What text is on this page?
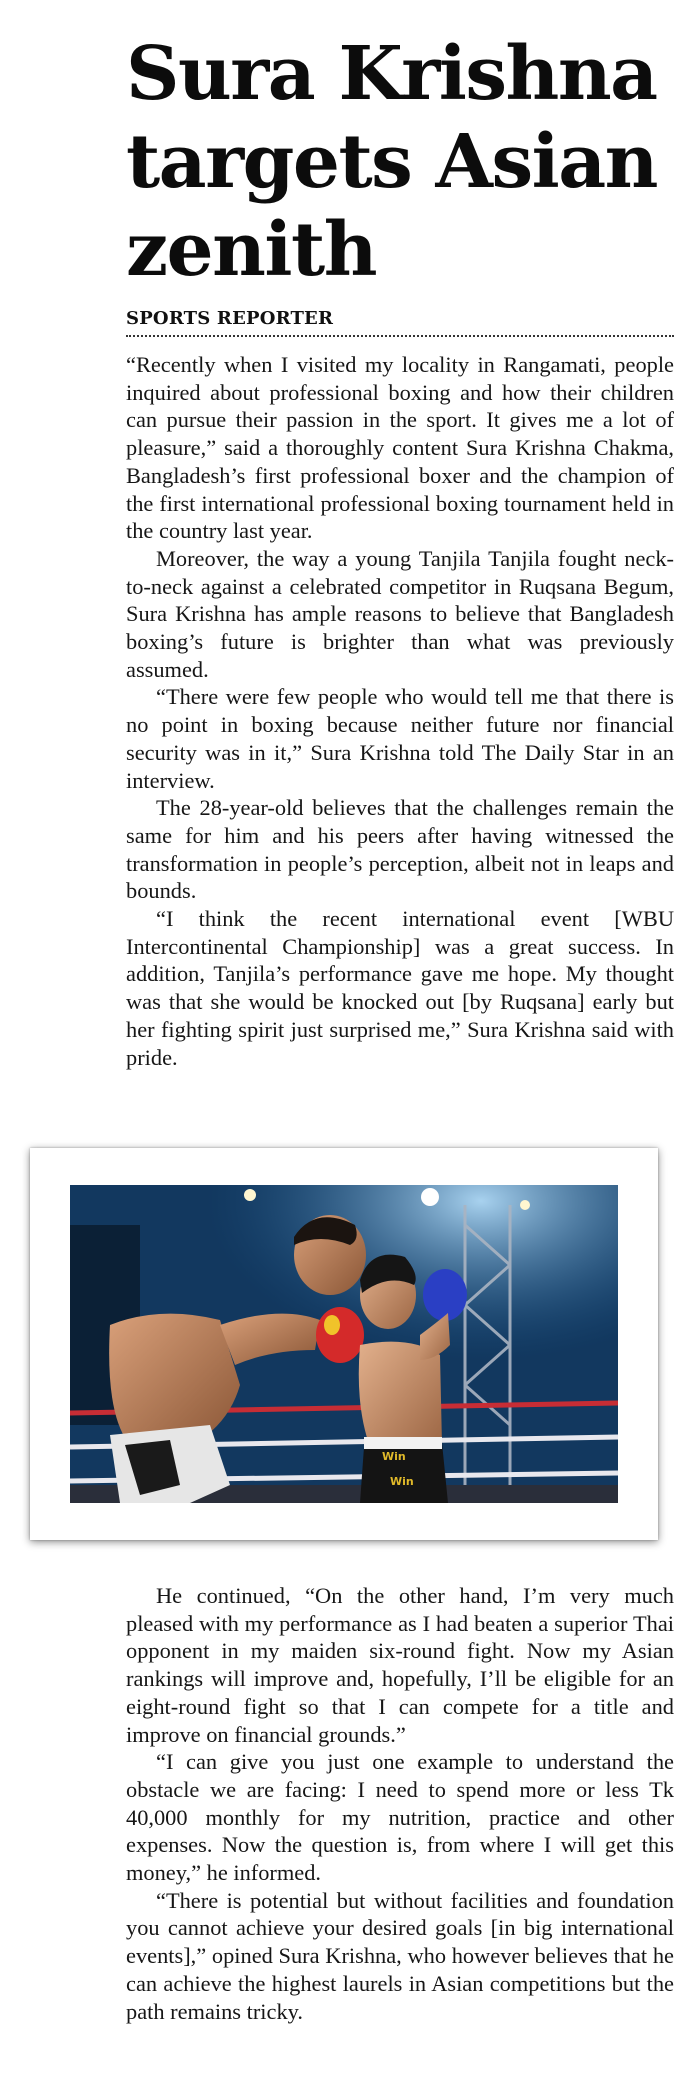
Sura Krishna targets Asian zenith
SPORTS REPORTER

“Recently when I visited my locality in Rangamati, people inquired about professional boxing and how their children can pursue their passion in the sport. It gives me a lot of pleasure,” said a thoroughly content Sura Krishna Chakma, Bangladesh’s first professional boxer and the champion of the first international professional boxing tournament held in the country last year.

Moreover, the way a young Tanjila Tanjila fought neck-to-neck against a celebrated competitor in Ruqsana Begum, Sura Krishna has ample reasons to believe that Bangladesh boxing’s future is brighter than what was previously assumed.

“There were few people who would tell me that there is no point in boxing because neither future nor financial security was in it,” Sura Krishna told The Daily Star in an interview.

The 28-year-old believes that the challenges remain the same for him and his peers after having witnessed the transformation in people’s perception, albeit not in leaps and bounds.

“I think the recent international event [WBU Intercontinental Championship] was a great success. In addition, Tanjila’s performance gave me hope. My thought was that she would be knocked out [by Ruqsana] early but her fighting spirit just surprised me,” Sura Krishna said with pride.

Win
Win

He continued, “On the other hand, I’m very much pleased with my performance as I had beaten a superior Thai opponent in my maiden six-round fight. Now my Asian rankings will improve and, hopefully, I’ll be eligible for an eight-round fight so that I can compete for a title and improve on financial grounds.”

“I can give you just one example to understand the obstacle we are facing: I need to spend more or less Tk 40,000 monthly for my nutrition, practice and other expenses. Now the question is, from where I will get this money,” he informed.

“There is potential but without facilities and foundation you cannot achieve your desired goals [in big international events],” opined Sura Krishna, who however believes that he can achieve the highest laurels in Asian competitions but the path remains tricky.
